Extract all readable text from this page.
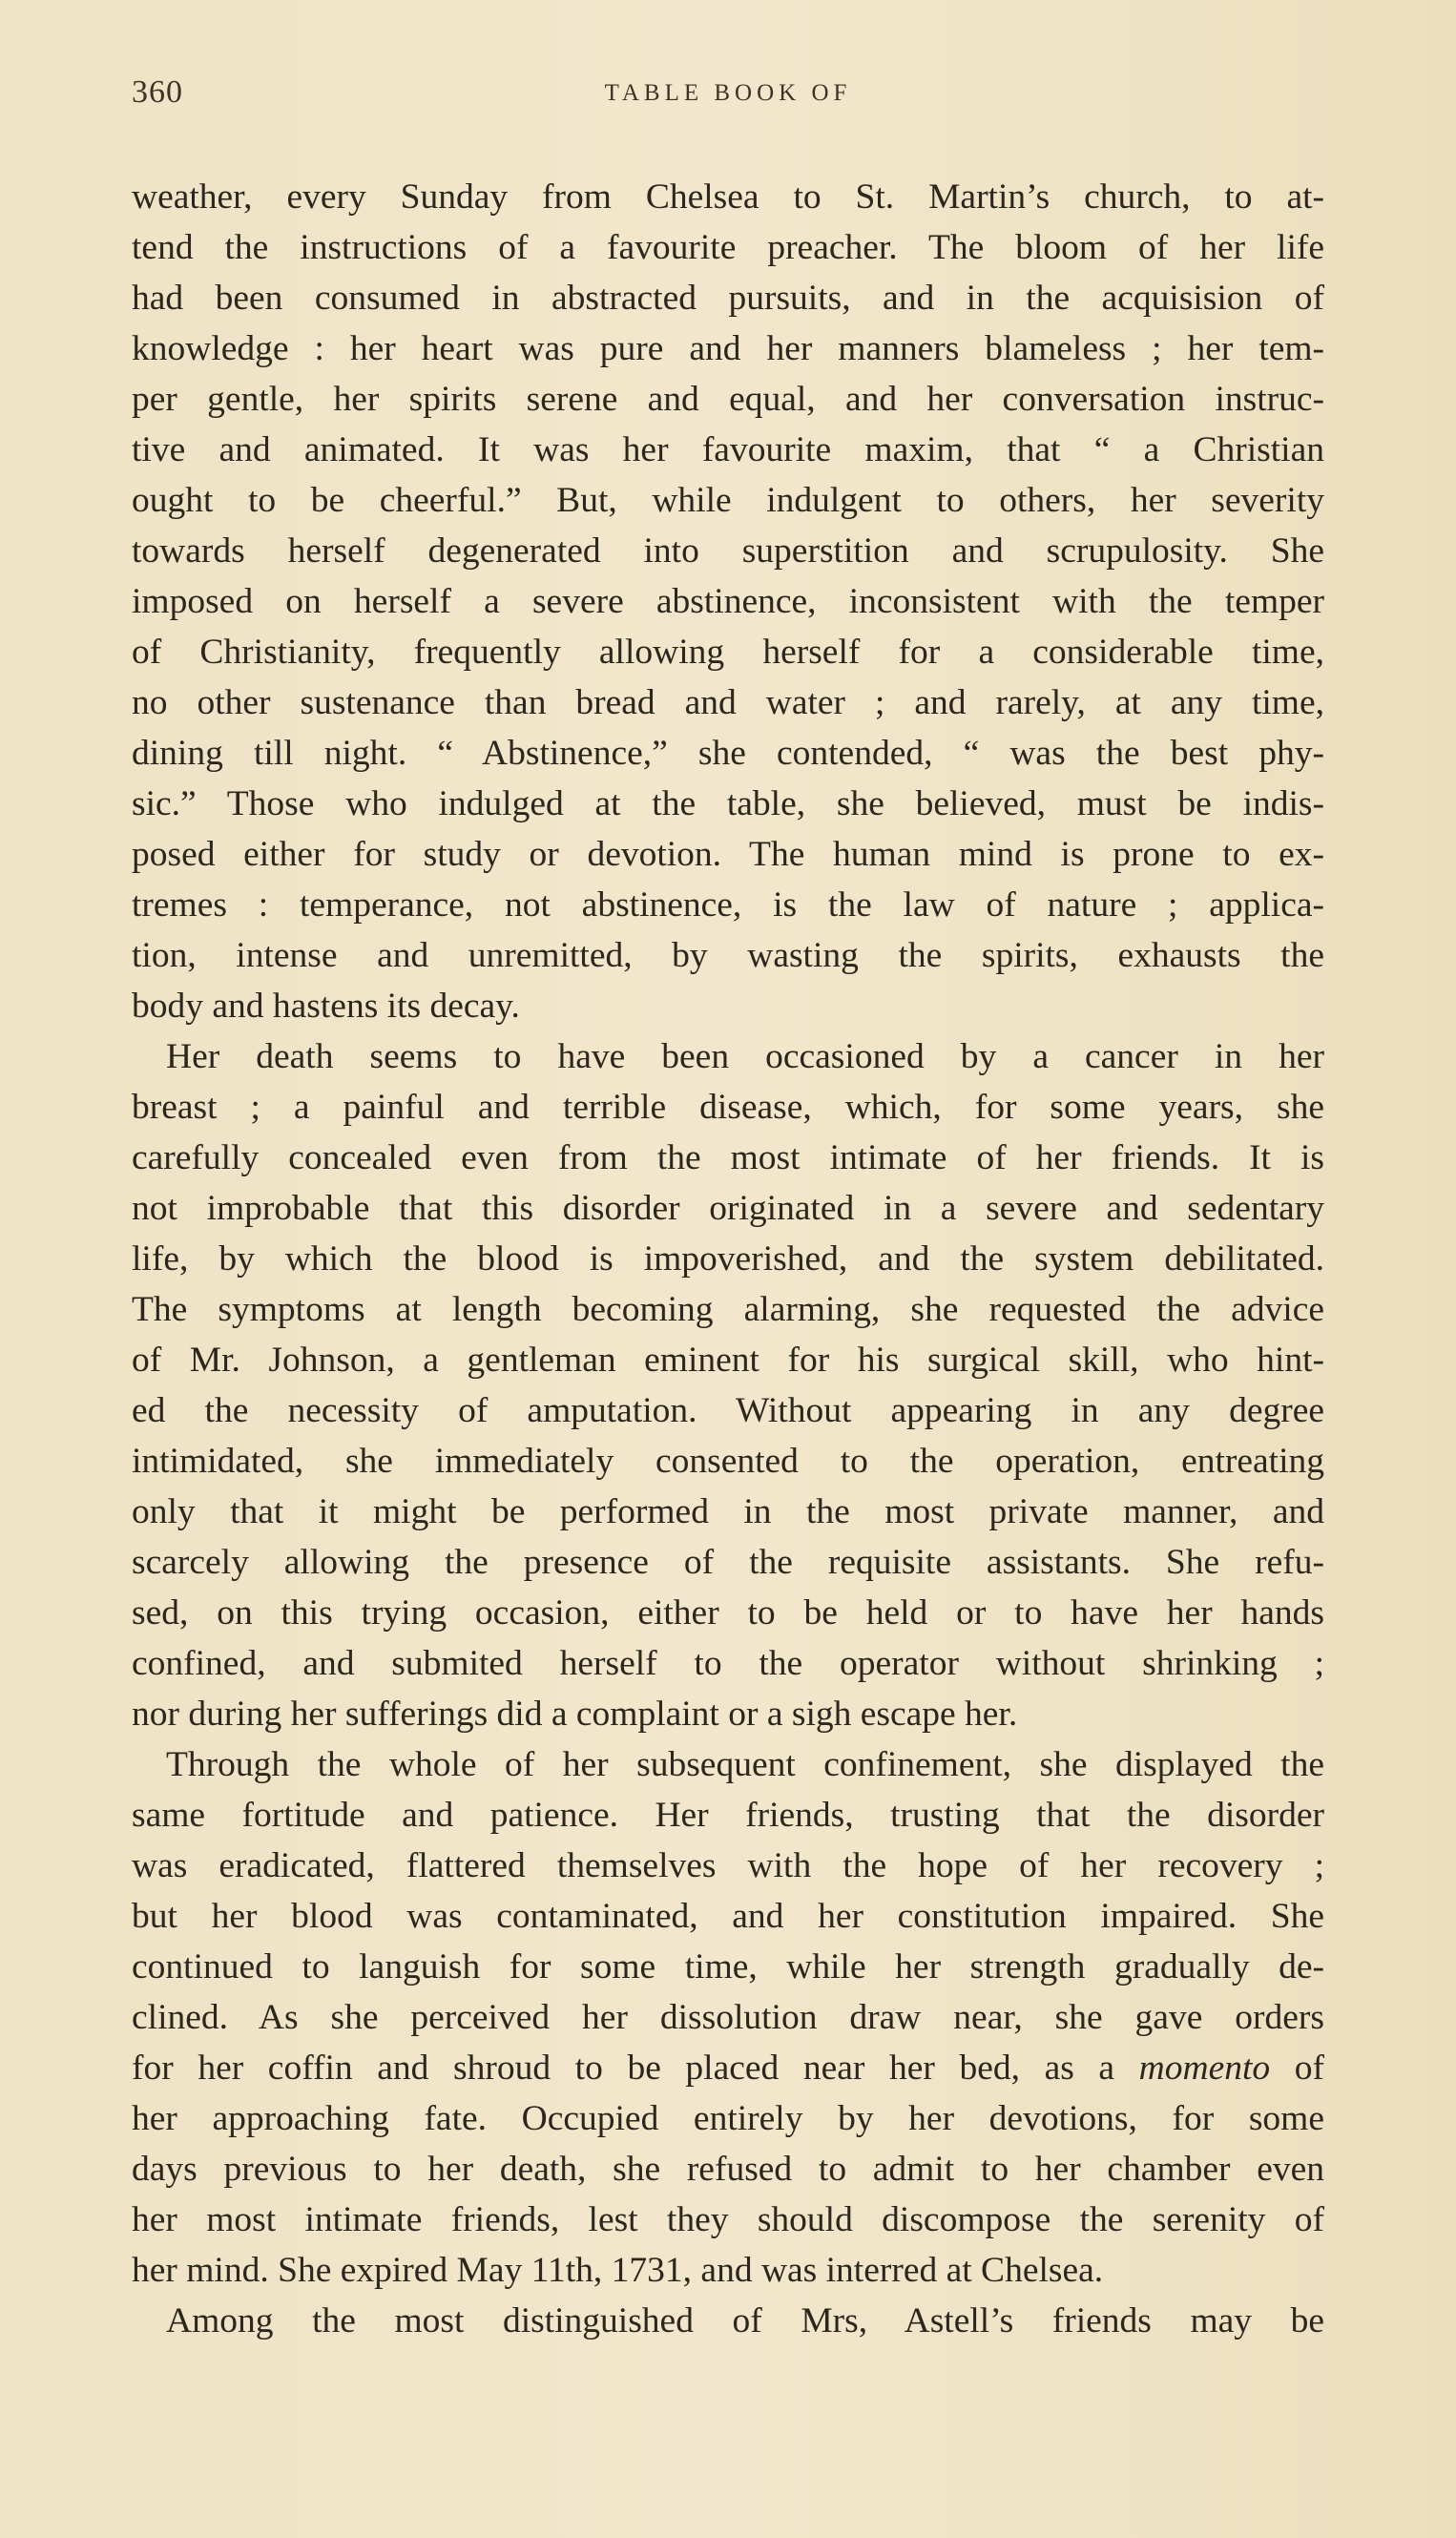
360	TABLE BOOK OF
weather, every Sunday from Chelsea to St. Martin’s church, to at-
tend the instructions of a favourite preacher. The bloom of her life
had been consumed in abstracted pursuits, and in the acquisision of
knowledge : her heart was pure and her manners blameless ; her tem-
per gentle, her spirits serene and equal, and her conversation instruc-
tive and animated. It was her favourite maxim, that “ a Christian
ought to be cheerful.” But, while indulgent to others, her severity
towards herself degenerated into superstition and scrupulosity. She
imposed on herself a severe abstinence, inconsistent with the temper
of Christianity, frequently allowing herself for a considerable time,
no other sustenance than bread and water ; and rarely, at any time,
dining till night. “ Abstinence,” she contended, “ was the best phy-
sic.” Those who indulged at the table, she believed, must be indis-
posed either for study or devotion. The human mind is prone to ex-
tremes : temperance, not abstinence, is the law of nature ; applica-
tion, intense and unremitted, by wasting the spirits, exhausts the
body and hastens its decay.
Her death seems to have been occasioned by a cancer in her
breast ; a painful and terrible disease, which, for some years, she
carefully concealed even from the most intimate of her friends. It is
not improbable that this disorder originated in a severe and sedentary
life, by which the blood is impoverished, and the system debilitated.
The symptoms at length becoming alarming, she requested the advice
of Mr. Johnson, a gentleman eminent for his surgical skill, who hint-
ed the necessity of amputation. Without appearing in any degree
intimidated, she immediately consented to the operation, entreating
only that it might be performed in the most private manner, and
scarcely allowing the presence of the requisite assistants. She refu-
sed, on this trying occasion, either to be held or to have her hands
confined, and submited herself to the operator without shrinking ;
nor during her sufferings did a complaint or a sigh escape her.
Through the whole of her subsequent confinement, she displayed the
same fortitude and patience. Her friends, trusting that the disorder
was eradicated, flattered themselves with the hope of her recovery ;
but her blood was contaminated, and her constitution impaired. She
continued to languish for some time, while her strength gradually de-
clined. As she perceived her dissolution draw near, she gave orders
for her coffin and shroud to be placed near her bed, as a momento of
her approaching fate. Occupied entirely by her devotions, for some
days previous to her death, she refused to admit to her chamber even
her most intimate friends, lest they should discompose the serenity of
her mind. She expired May 11th, 1731, and was interred at Chelsea.
Among the most distinguished of Mrs, Astell’s friends may be
